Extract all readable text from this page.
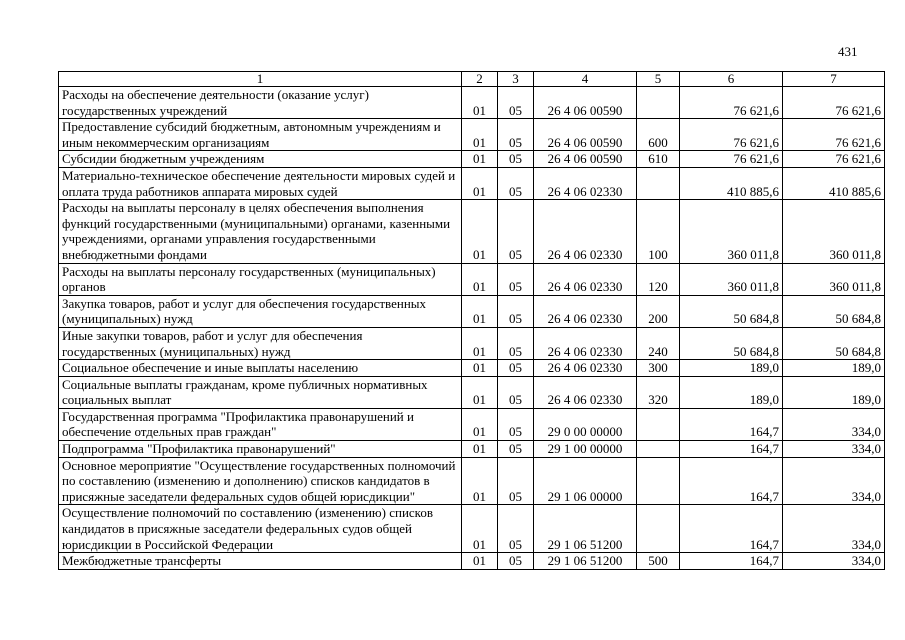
431
1	2	3	4	5	6	7
Расходы на обеспечение деятельности (оказание услуг) государственных учреждений	01	05	26 4 06 00590		76 621,6	76 621,6
Предоставление субсидий бюджетным, автономным учреждениям и иным некоммерческим организациям	01	05	26 4 06 00590	600	76 621,6	76 621,6
Субсидии бюджетным учреждениям	01	05	26 4 06 00590	610	76 621,6	76 621,6
Материально-техническое обеспечение деятельности мировых судей и оплата труда работников аппарата мировых судей	01	05	26 4 06 02330		410 885,6	410 885,6
Расходы на выплаты персоналу в целях обеспечения выполнения функций государственными (муниципальными) органами, казенными учреждениями, органами управления государственными внебюджетными фондами	01	05	26 4 06 02330	100	360 011,8	360 011,8
Расходы на выплаты персоналу государственных (муниципальных) органов	01	05	26 4 06 02330	120	360 011,8	360 011,8
Закупка товаров, работ и услуг для обеспечения государственных (муниципальных) нужд	01	05	26 4 06 02330	200	50 684,8	50 684,8
Иные закупки товаров, работ и услуг для обеспечения государственных (муниципальных) нужд	01	05	26 4 06 02330	240	50 684,8	50 684,8
Социальное обеспечение и иные выплаты населению	01	05	26 4 06 02330	300	189,0	189,0
Социальные выплаты гражданам, кроме публичных нормативных социальных выплат	01	05	26 4 06 02330	320	189,0	189,0
Государственная программа "Профилактика правонарушений и обеспечение отдельных прав граждан"	01	05	29 0 00 00000		164,7	334,0
Подпрограмма "Профилактика правонарушений"	01	05	29 1 00 00000		164,7	334,0
Основное мероприятие "Осуществление государственных полномочий по составлению (изменению и дополнению) списков кандидатов в присяжные заседатели федеральных судов общей юрисдикции"	01	05	29 1 06 00000		164,7	334,0
Осуществление полномочий по составлению (изменению) списков кандидатов в присяжные заседатели федеральных судов общей юрисдикции в Российской Федерации	01	05	29 1 06 51200		164,7	334,0
Межбюджетные трансферты	01	05	29 1 06 51200	500	164,7	334,0
